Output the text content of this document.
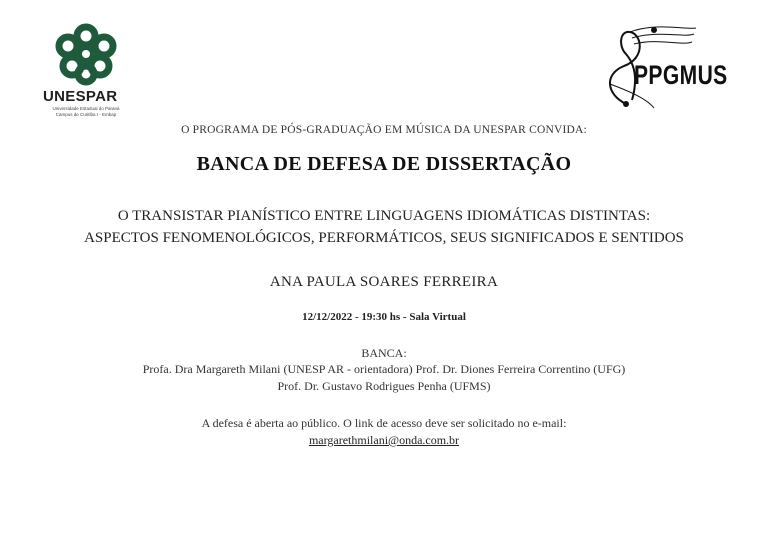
UNESPAR
Universidade Estadual do Paraná
Campus de Curitiba I - Embap
PPGMUS
O PROGRAMA DE PÓS-GRADUAÇÃO EM MÚSICA DA UNESPAR CONVIDA:
BANCA DE DEFESA DE DISSERTAÇÃO
O TRANSISTAR PIANÍSTICO ENTRE LINGUAGENS IDIOMÁTICAS DISTINTAS:
ASPECTOS FENOMENOLÓGICOS, PERFORMÁTICOS, SEUS SIGNIFICADOS E SENTIDOS
ANA PAULA SOARES FERREIRA
12/12/2022 - 19:30 hs - Sala Virtual
BANCA:
Profa. Dra Margareth Milani (UNESP AR - orientadora) Prof. Dr. Diones Ferreira Correntino (UFG)
Prof. Dr. Gustavo Rodrigues Penha (UFMS)
A defesa é aberta ao público. O link de acesso deve ser solicitado no e-mail:
margarethmilani@onda.com.br
